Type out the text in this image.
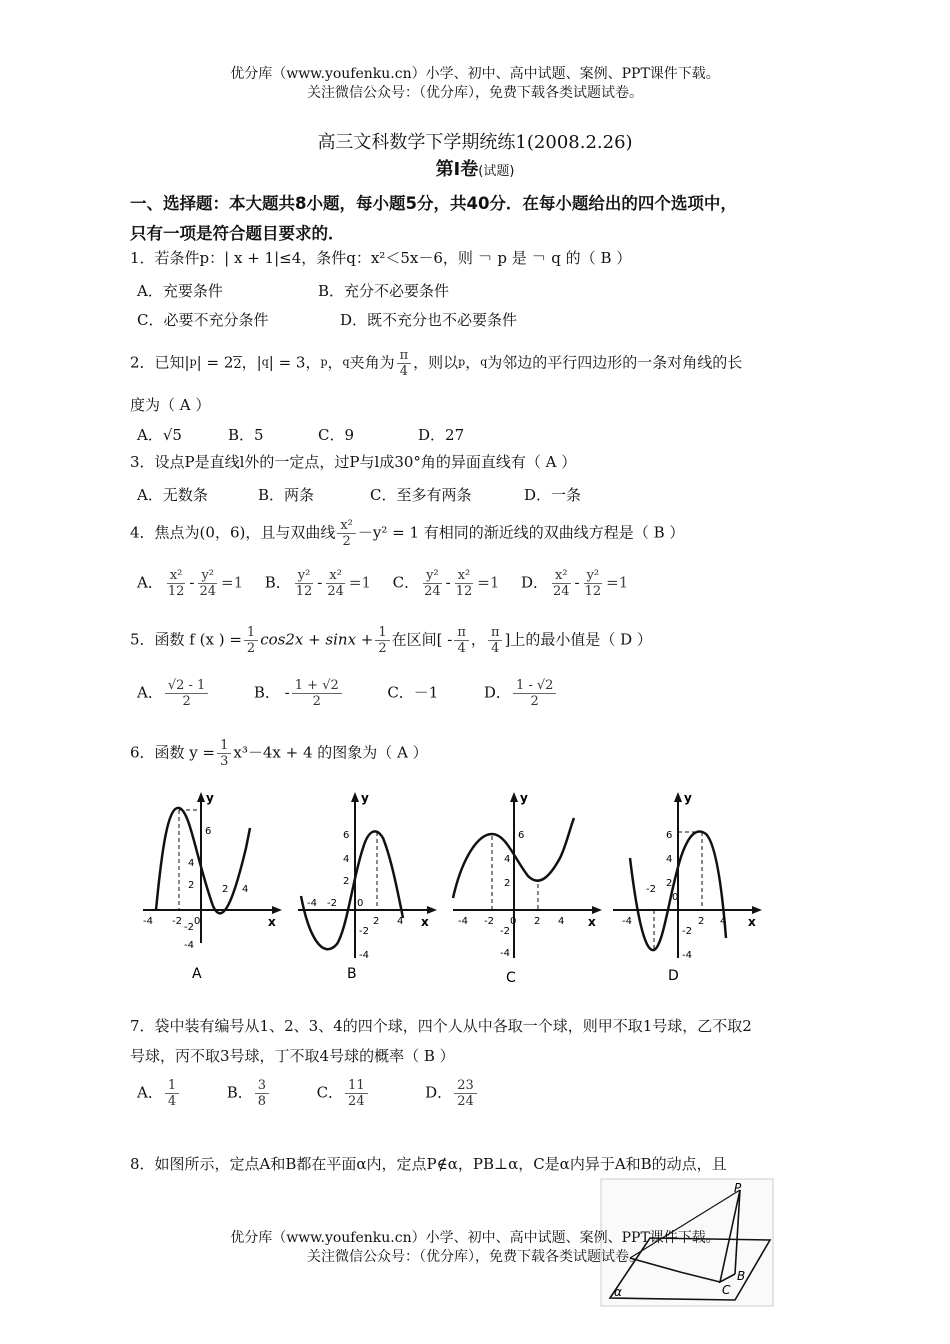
优分库（www.youfenku.cn）小学、初中、高中试题、案例、PPT课件下载。
关注微信公众号：（优分库），免费下载各类试题试卷。
高三文科数学下学期统练1(2008.2.26)
第Ⅰ卷(试题)
一、选择题：本大题共8小题，每小题5分，共40分．在每小题给出的四个选项中，
只有一项是符合题目要求的．
1．若条件p：| x + 1|≤4，条件q：x²＜5x－6，则 ￢ p 是 ￢ q 的（ B ）
A．充要条件	B．充分不必要条件
C．必要不充分条件	D．既不充分也不必要条件
2．已知|p| = 22，|q| = 3，p，q夹角为 $\frac{\pi}{4}$ ，则以p，q为邻边的平行四边形的一条对角线的长
度为（ A ）
A．√5	B．5	C．9	D．27
3．设点P是直线l外的一定点，过P与l成30°角的异面直线有（ A ）
A．无数条	B．两条	C．至多有两条	D．一条
4．焦点为(0，6)，且与双曲线 $\frac{\text{x²}}{2} -y^2 = 1$ 有相同的渐近线的双曲线方程是（ B ）
A． $\frac{\text{x²}}{12} - \frac{\text{y²}}{24} =1$ B． $\frac{\text{y²}}{12} - \frac{\text{x²}}{24} =1$ C． $\frac{\text{y²}}{24} - \frac{\text{x²}}{12} =1$ D． $\frac{\text{x²}}{24} - \frac{\text{y²}}{12} =1$
5．函数 f (x ) = $\frac{1}{2} \cos 2x + \sin x + \frac{1}{2}$ 在区间[ - $\frac{\pi}{4}$ ， $\frac{\pi}{4}$ ]上的最小值是（ D ）
A． $\frac{√2 - 1}{2}$	B． - $\frac{1 + √2}{2}$	C．－1	D． $\frac{1 - √2}{2}$
6．函数 $y = \frac{1}{3} x^3-4x + 4$ 的图象为（ A ）
y
x
-4 -2 0
2 4
6
4
2
-2
-4
A
y
x
-4 -2 0
2 4
6
4
2
-2
-4
B
y
x
-4 -2 0 2 4
6
4
2
-2
-4
C
y
x
-4
-2
0
2 4
6
4
2
-2
-4
D
7．袋中装有编号从1、2、3、4的四个球，四个人从中各取一个球，则甲不取1号球，乙不取2
号球，丙不取3号球，丁不取4号球的概率（ B ）
A． $\frac{1}{4}$	B． $\frac{3}{8}$	C． $\frac{11}{24}$	D． $\frac{23}{24}$
8．如图所示，定点A和B都在平面α内，定点P∉α，PB⊥α，C是α内异于A和B的动点，且
P
B
C
α
优分库（www.youfenku.cn）小学、初中、高中试题、案例、PPT课件下载。
关注微信公众号：（优分库），免费下载各类试题试卷。
